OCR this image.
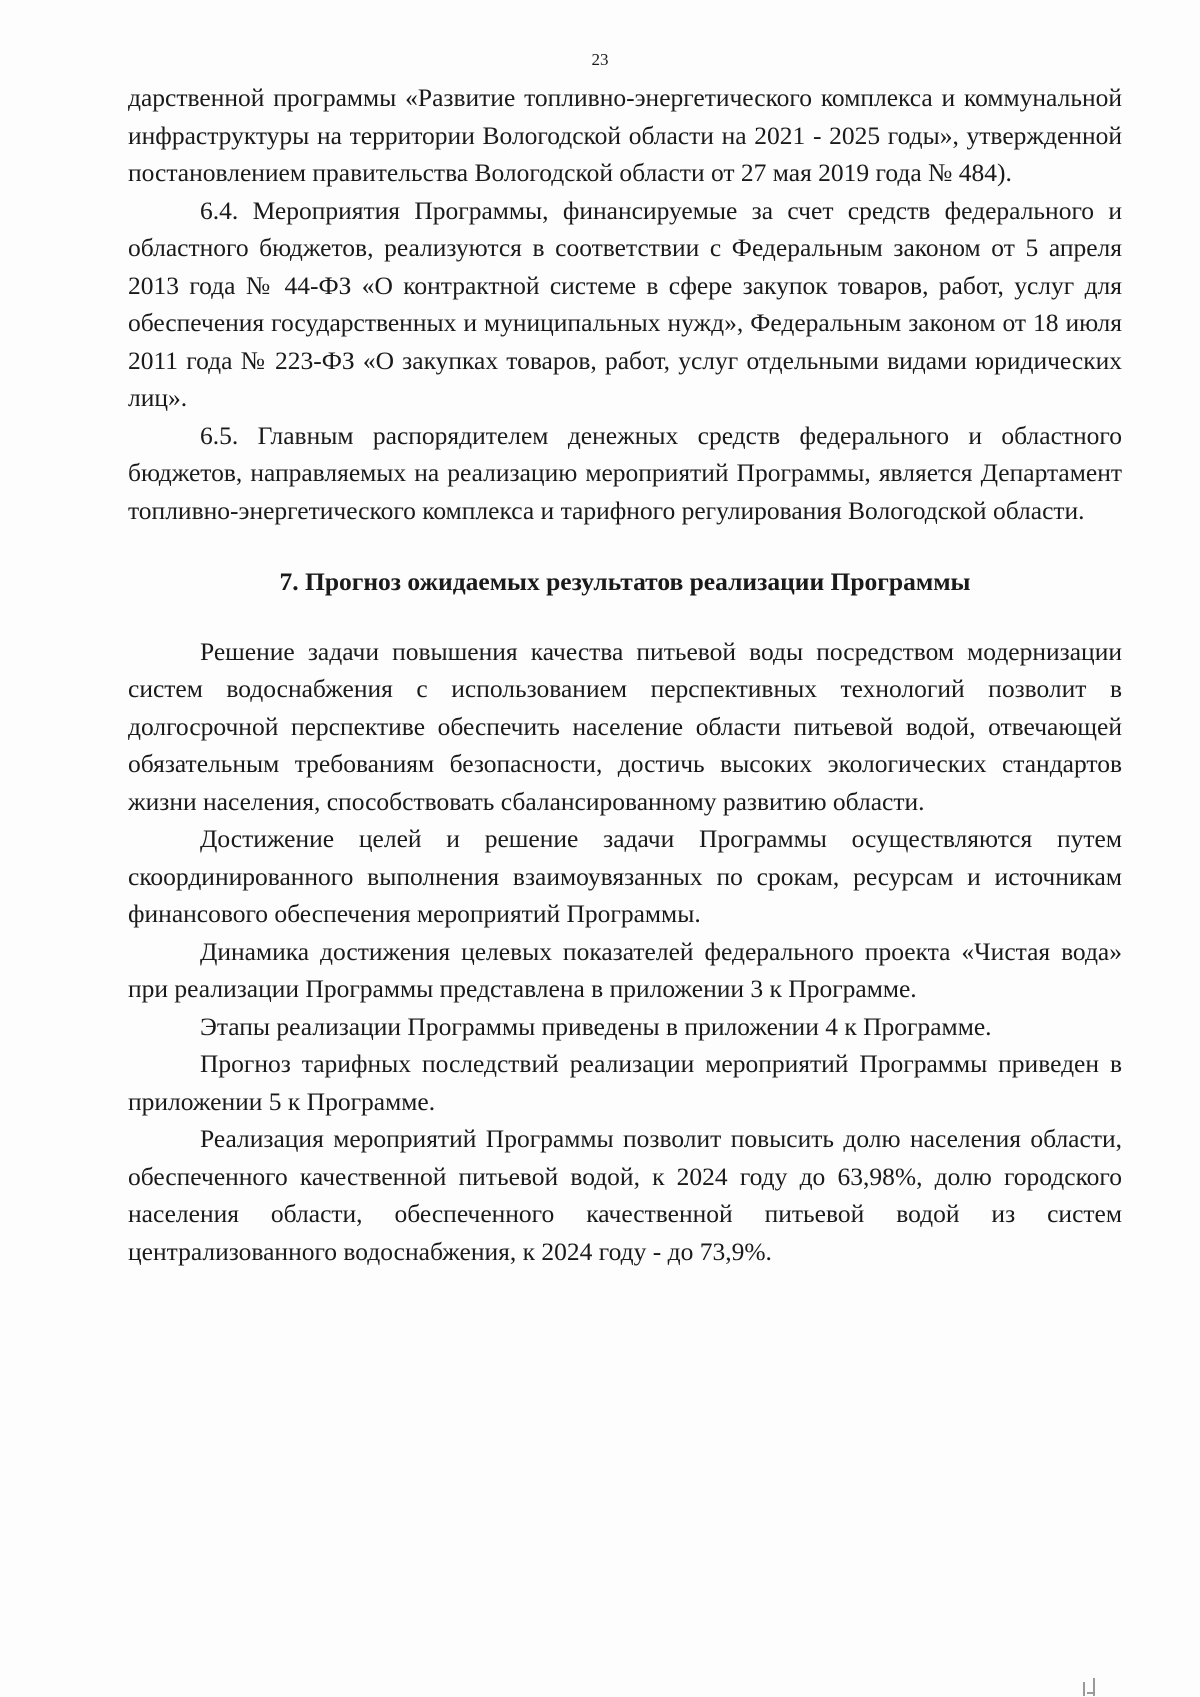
23

дарственной программы «Развитие топливно-энергетического комплекса и коммунальной инфраструктуры на территории Вологодской области на 2021 - 2025 годы», утвержденной постановлением правительства Вологодской области от 27 мая 2019 года № 484).

6.4. Мероприятия Программы, финансируемые за счет средств федерального и областного бюджетов, реализуются в соответствии с Федеральным законом от 5 апреля 2013 года № 44-ФЗ «О контрактной системе в сфере закупок товаров, работ, услуг для обеспечения государственных и муниципальных нужд», Федеральным законом от 18 июля 2011 года № 223-ФЗ «О закупках товаров, работ, услуг отдельными видами юридических лиц».

6.5. Главным распорядителем денежных средств федерального и областного бюджетов, направляемых на реализацию мероприятий Программы, является Департамент топливно-энергетического комплекса и тарифного регулирования Вологодской области.

7. Прогноз ожидаемых результатов реализации Программы

Решение задачи повышения качества питьевой воды посредством модернизации систем водоснабжения с использованием перспективных технологий позволит в долгосрочной перспективе обеспечить население области питьевой водой, отвечающей обязательным требованиям безопасности, достичь высоких экологических стандартов жизни населения, способствовать сбалансированному развитию области.

Достижение целей и решение задачи Программы осуществляются путем скоординированного выполнения взаимоувязанных по срокам, ресурсам и источникам финансового обеспечения мероприятий Программы.

Динамика достижения целевых показателей федерального проекта «Чистая вода» при реализации Программы представлена в приложении 3 к Программе.

Этапы реализации Программы приведены в приложении 4 к Программе.

Прогноз тарифных последствий реализации мероприятий Программы приведен в приложении 5 к Программе.

Реализация мероприятий Программы позволит повысить долю населения области, обеспеченного качественной питьевой водой, к 2024 году до 63,98%, долю городского населения области, обеспеченного качественной питьевой водой из систем централизованного водоснабжения, к 2024 году - до 73,9%.
